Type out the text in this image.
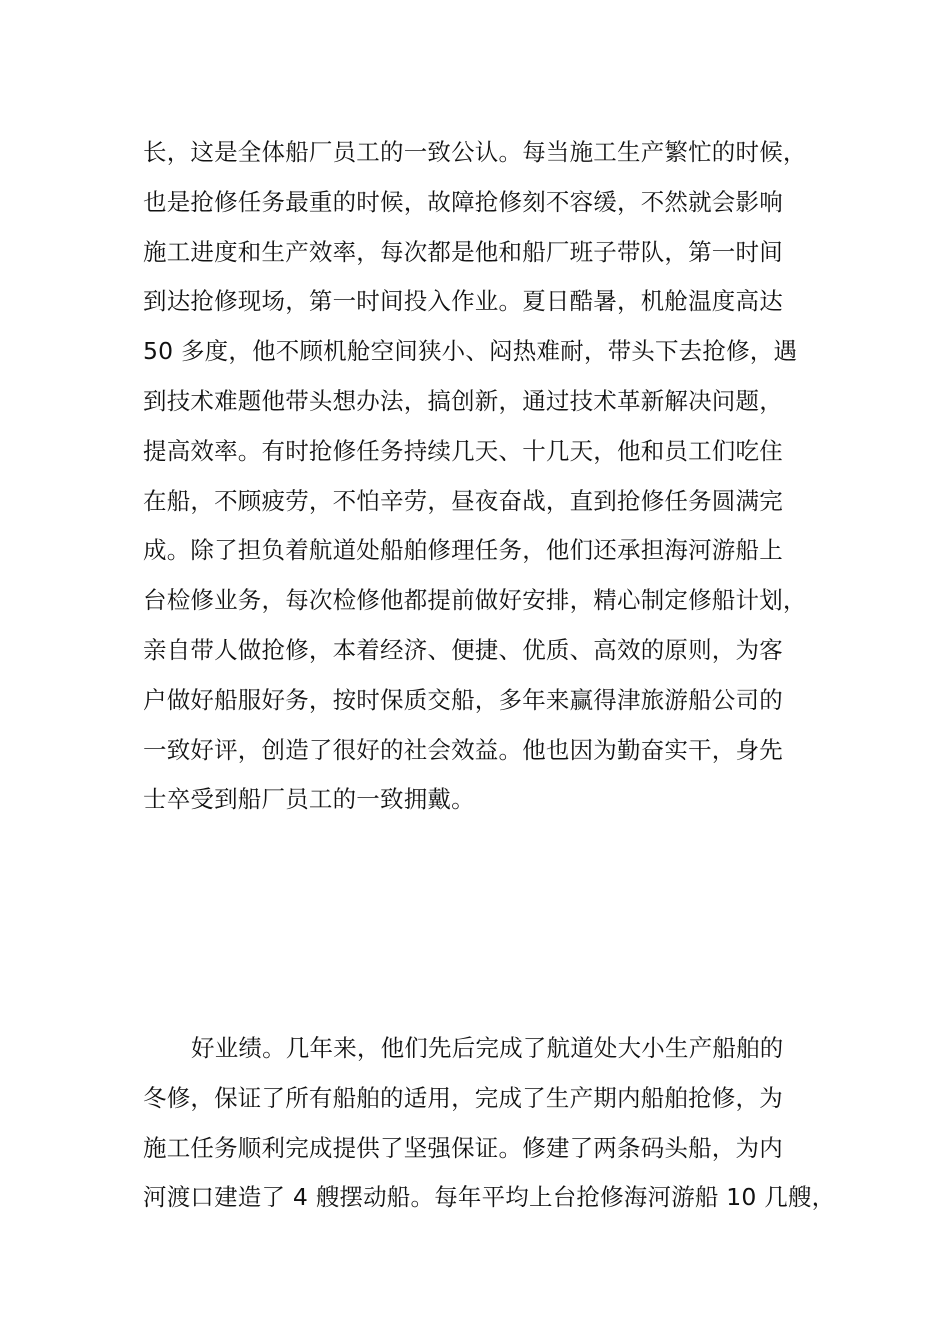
长，这是全体船厂员工的一致公认。每当施工生产繁忙的时候，
也是抢修任务最重的时候，故障抢修刻不容缓，不然就会影响
施工进度和生产效率，每次都是他和船厂班子带队，第一时间
到达抢修现场，第一时间投入作业。夏日酷暑，机舱温度高达
50 多度，他不顾机舱空间狭小、闷热难耐，带头下去抢修，遇
到技术难题他带头想办法，搞创新，通过技术革新解决问题，
提高效率。有时抢修任务持续几天、十几天，他和员工们吃住
在船，不顾疲劳，不怕辛劳，昼夜奋战，直到抢修任务圆满完
成。除了担负着航道处船舶修理任务，他们还承担海河游船上
台检修业务，每次检修他都提前做好安排，精心制定修船计划，
亲自带人做抢修，本着经济、便捷、优质、高效的原则，为客
户做好船服好务，按时保质交船，多年来赢得津旅游船公司的
一致好评，创造了很好的社会效益。他也因为勤奋实干，身先
士卒受到船厂员工的一致拥戴。
好业绩。几年来，他们先后完成了航道处大小生产船舶的
冬修，保证了所有船舶的适用，完成了生产期内船舶抢修，为
施工任务顺利完成提供了坚强保证。修建了两条码头船，为内
河渡口建造了 4 艘摆动船。每年平均上台抢修海河游船 10 几艘，
